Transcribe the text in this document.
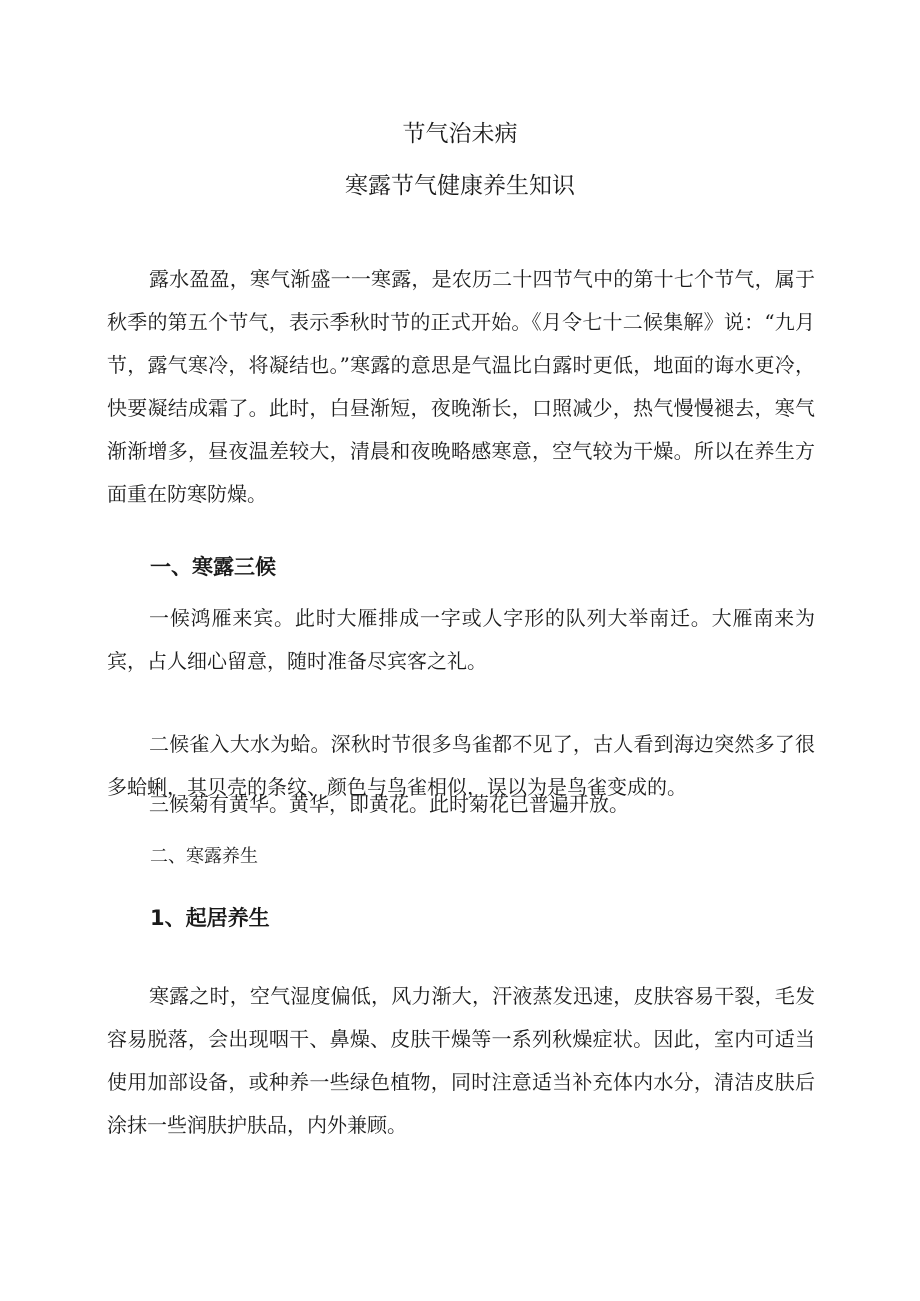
节气治未病
寒露节气健康养生知识

露水盈盈，寒气渐盛一一寒露，是农历二十四节气中的第十七个节气，属于秋季的第五个节气，表示季秋时节的正式开始。《月令七十二候集解》说：“九月节，露气寒冷，将凝结也。”寒露的意思是气温比白露时更低，地面的诲水更冷，快要凝结成霜了。此时，白昼渐短，夜晚渐长，口照减少，热气慢慢褪去，寒气渐渐增多，昼夜温差较大，清晨和夜晚略感寒意，空气较为干燥。所以在养生方面重在防寒防燥。

一、寒露三候

一候鸿雁来宾。此时大雁排成一字或人字形的队列大举南迁。大雁南来为宾，占人细心留意，随时准备尽宾客之礼。

二候雀入大水为蛤。深秋时节很多鸟雀都不见了，古人看到海边突然多了很多蛤蜊，其贝壳的条纹、颜色与鸟雀相似，误以为是鸟雀变成的。

三候菊有黄华。黄华，即黄花。此时菊花已普遍开放。

二、寒露养生
1、起居养生

寒露之时，空气湿度偏低，风力渐大，汗液蒸发迅速，皮肤容易干裂，毛发容易脱落，会出现咽干、鼻燥、皮肤干燥等一系列秋燥症状。因此，室内可适当使用加部设备，或种养一些绿色植物，同时注意适当补充体内水分，清洁皮肤后涂抹一些润肤护肤品，内外兼顾。
